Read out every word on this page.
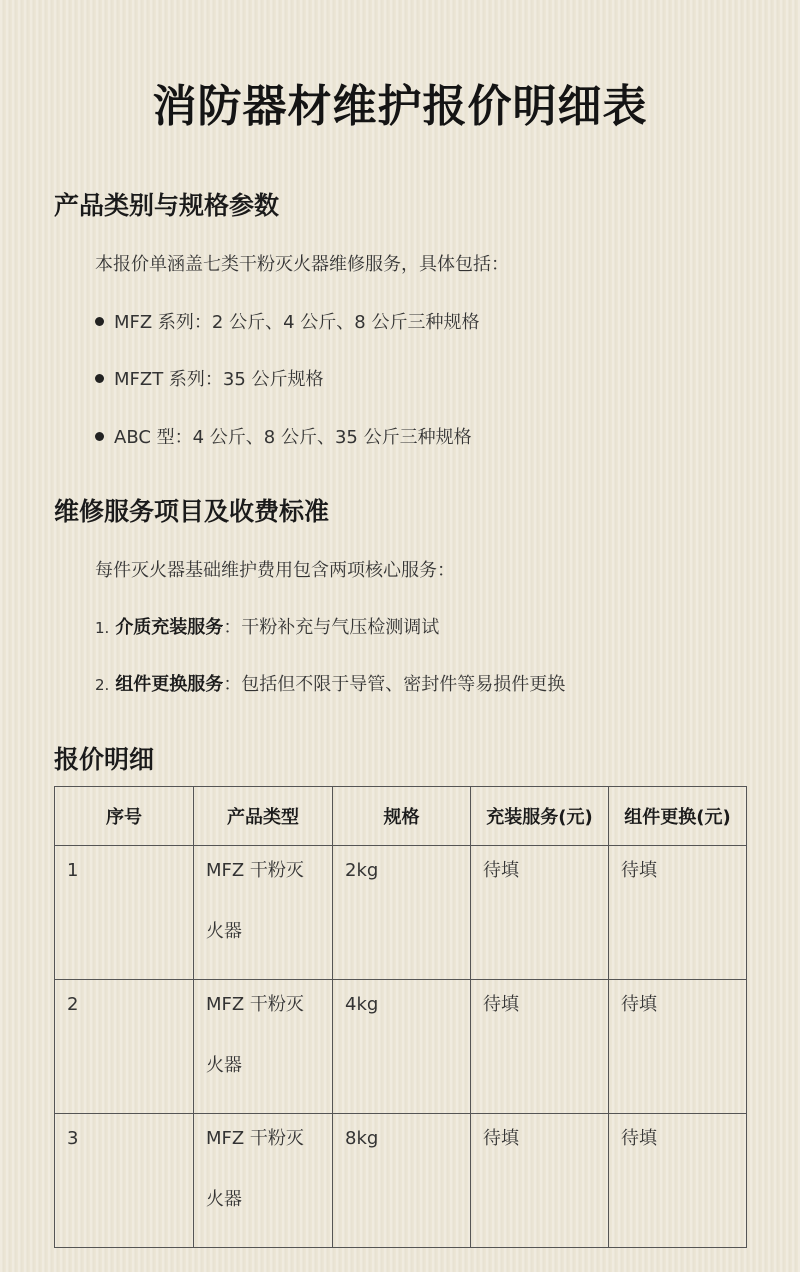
消防器材维护报价明细表
产品类别与规格参数
本报价单涵盖七类干粉灭火器维修服务，具体包括：
MFZ 系列：2 公斤、4 公斤、8 公斤三种规格
MFZT 系列：35 公斤规格
ABC 型：4 公斤、8 公斤、35 公斤三种规格
维修服务项目及收费标准
每件灭火器基础维护费用包含两项核心服务：
1. 介质充装服务：干粉补充与气压检测调试
2. 组件更换服务：包括但不限于导管、密封件等易损件更换
报价明细
序号	产品类型	规格	充装服务(元)	组件更换(元)

1	MFZ 干粉灭火器	2kg	待填	待填

2	MFZ 干粉灭火器	4kg	待填	待填

3	MFZ 干粉灭火器	8kg	待填	待填
